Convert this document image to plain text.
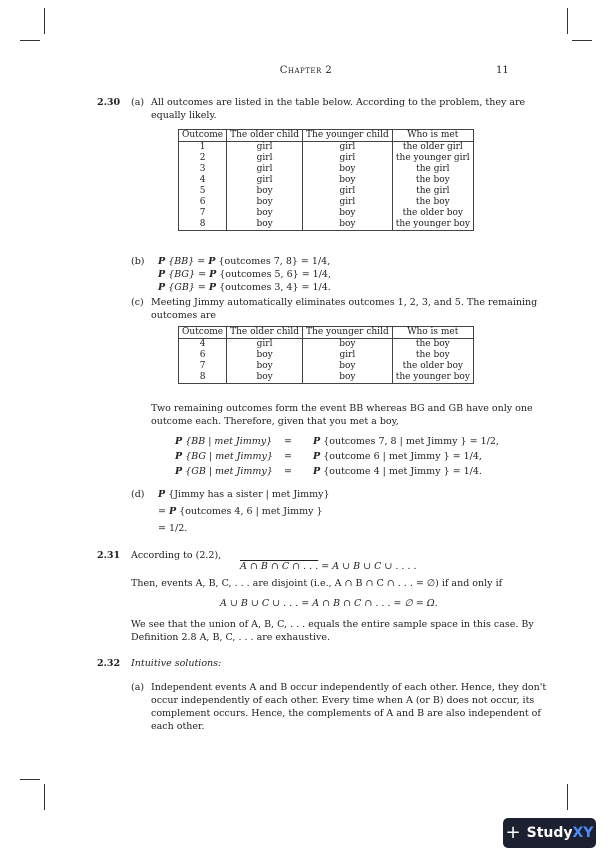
Chapter 2	11
2.30 (a) All outcomes are listed in the table below. According to the problem, they are
equally likely.
Outcome	The older child	The younger child	Who is met
1	girl	girl	the older girl
2	girl	girl	the younger girl
3	girl	boy	the girl
4	girl	boy	the boy
5	boy	girl	the girl
6	boy	girl	the boy
7	boy	boy	the older boy
8	boy	boy	the younger boy
(b) P {BB} = P {outcomes 7, 8} = 1/4,
P {BG} = P {outcomes 5, 6} = 1/4,
P {GB} = P {outcomes 3, 4} = 1/4.
(c) Meeting Jimmy automatically eliminates outcomes 1, 2, 3, and 5. The remaining
outcomes are
Outcome	The older child	The younger child	Who is met
4	girl	boy	the boy
6	boy	girl	the boy
7	boy	boy	the older boy
8	boy	boy	the younger boy
Two remaining outcomes form the event BB whereas BG and GB have only one
outcome each. Therefore, given that you met a boy,
P {BB | met Jimmy} = P {outcomes 7, 8 | met Jimmy } = 1/2,
P {BG | met Jimmy} = P {outcome 6 | met Jimmy } = 1/4,
P {GB | met Jimmy} = P {outcome 4 | met Jimmy } = 1/4.
(d) P {Jimmy has a sister | met Jimmy}
= P {outcomes 4, 6 | met Jimmy }
= 1/2.
2.31 According to (2.2),
A ∩ B ∩ C ∩ . . . = A ∪ B ∪ C ∪ . . . .
Then, events A, B, C, . . . are disjoint (i.e., A ∩ B ∩ C ∩ . . . = ∅) if and only if
A ∪ B ∪ C ∪ . . . = A ∩ B ∩ C ∩ . . . = ∅ = Ω.
We see that the union of A, B, C, . . . equals the entire sample space in this case. By
Definition 2.8 A, B, C, . . . are exhaustive.
2.32 Intuitive solutions:
(a) Independent events A and B occur independently of each other. Hence, they don't
occur independently of each other. Every time when A (or B) does not occur, its
complement occurs. Hence, the complements of A and B are also independent of
each other.
+ Study XY
